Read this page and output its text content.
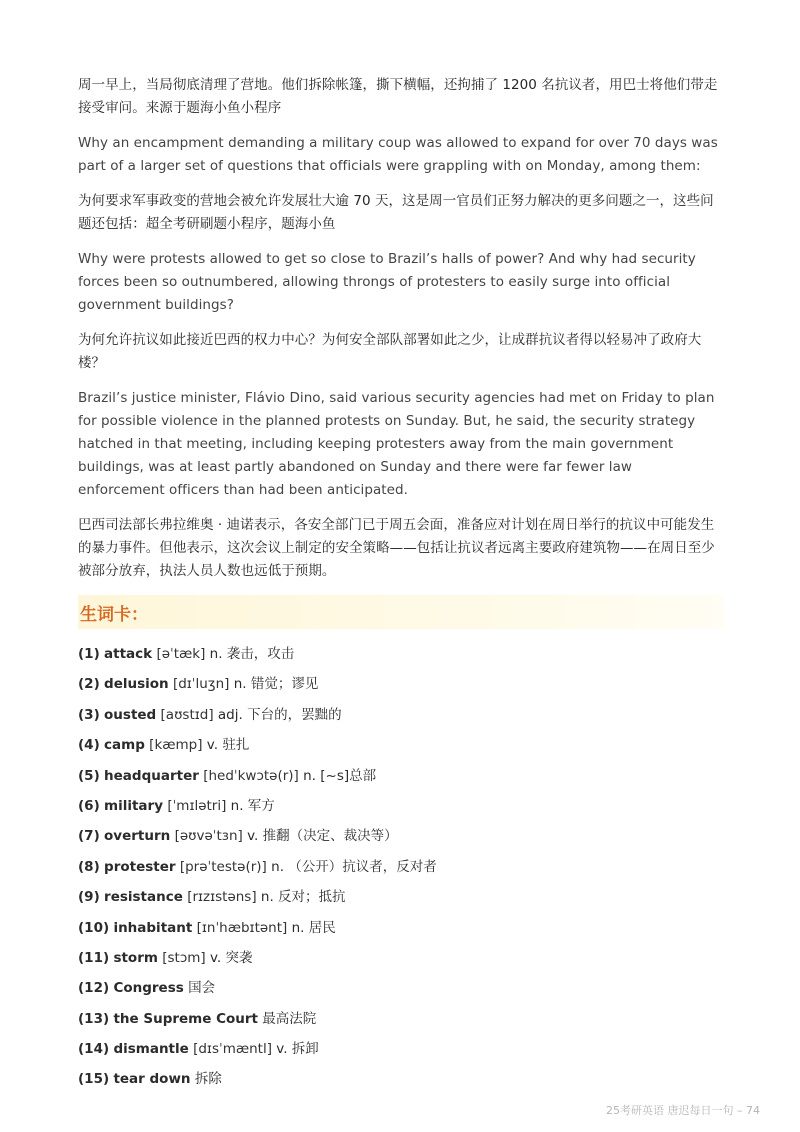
周一早上，当局彻底清理了营地。他们拆除帐篷，撕下横幅，还拘捕了 1200 名抗议者，用巴士将他们带走接受审问。来源于题海小鱼小程序

Why an encampment demanding a military coup was allowed to expand for over 70 days was part of a larger set of questions that officials were grappling with on Monday, among them:

为何要求军事政变的营地会被允许发展壮大逾 70 天，这是周一官员们正努力解决的更多问题之一，这些问题还包括：超全考研刷题小程序，题海小鱼

Why were protests allowed to get so close to Brazil’s halls of power? And why had security forces been so outnumbered, allowing throngs of protesters to easily surge into official government buildings?

为何允许抗议如此接近巴西的权力中心？为何安全部队部署如此之少，让成群抗议者得以轻易冲了政府大楼？

Brazil’s justice minister, Flávio Dino, said various security agencies had met on Friday to plan for possible violence in the planned protests on Sunday. But, he said, the security strategy hatched in that meeting, including keeping protesters away from the main government buildings, was at least partly abandoned on Sunday and there were far fewer law enforcement officers than had been anticipated.

巴西司法部长弗拉维奥 · 迪诺表示，各安全部门已于周五会面，准备应对计划在周日举行的抗议中可能发生的暴力事件。但他表示，这次会议上制定的安全策略——包括让抗议者远离主要政府建筑物——在周日至少被部分放弃，执法人员人数也远低于预期。

生词卡：
(1) attack [əˈtæk] n. 袭击，攻击
(2) delusion [dɪˈluʒn] n. 错觉；谬见
(3) ousted [aʊstɪd] adj. 下台的，罢黜的
(4) camp [kæmp] v. 驻扎
(5) headquarter [hedˈkwɔtə(r)] n. [~s]总部
(6) military [ˈmɪlətri] n. 军方
(7) overturn [əʊvəˈtɜn] v. 推翻（决定、裁决等）
(8) protester [prəˈtestə(r)] n. （公开）抗议者，反对者
(9) resistance [rɪzɪstəns] n. 反对；抵抗
(10) inhabitant [ɪnˈhæbɪtənt] n. 居民
(11) storm [stɔm] v. 突袭
(12) Congress 国会
(13) the Supreme Court 最高法院
(14) dismantle [dɪsˈmæntl] v. 拆卸
(15) tear down 拆除
25考研英语 唐迟每日一句 – 74
